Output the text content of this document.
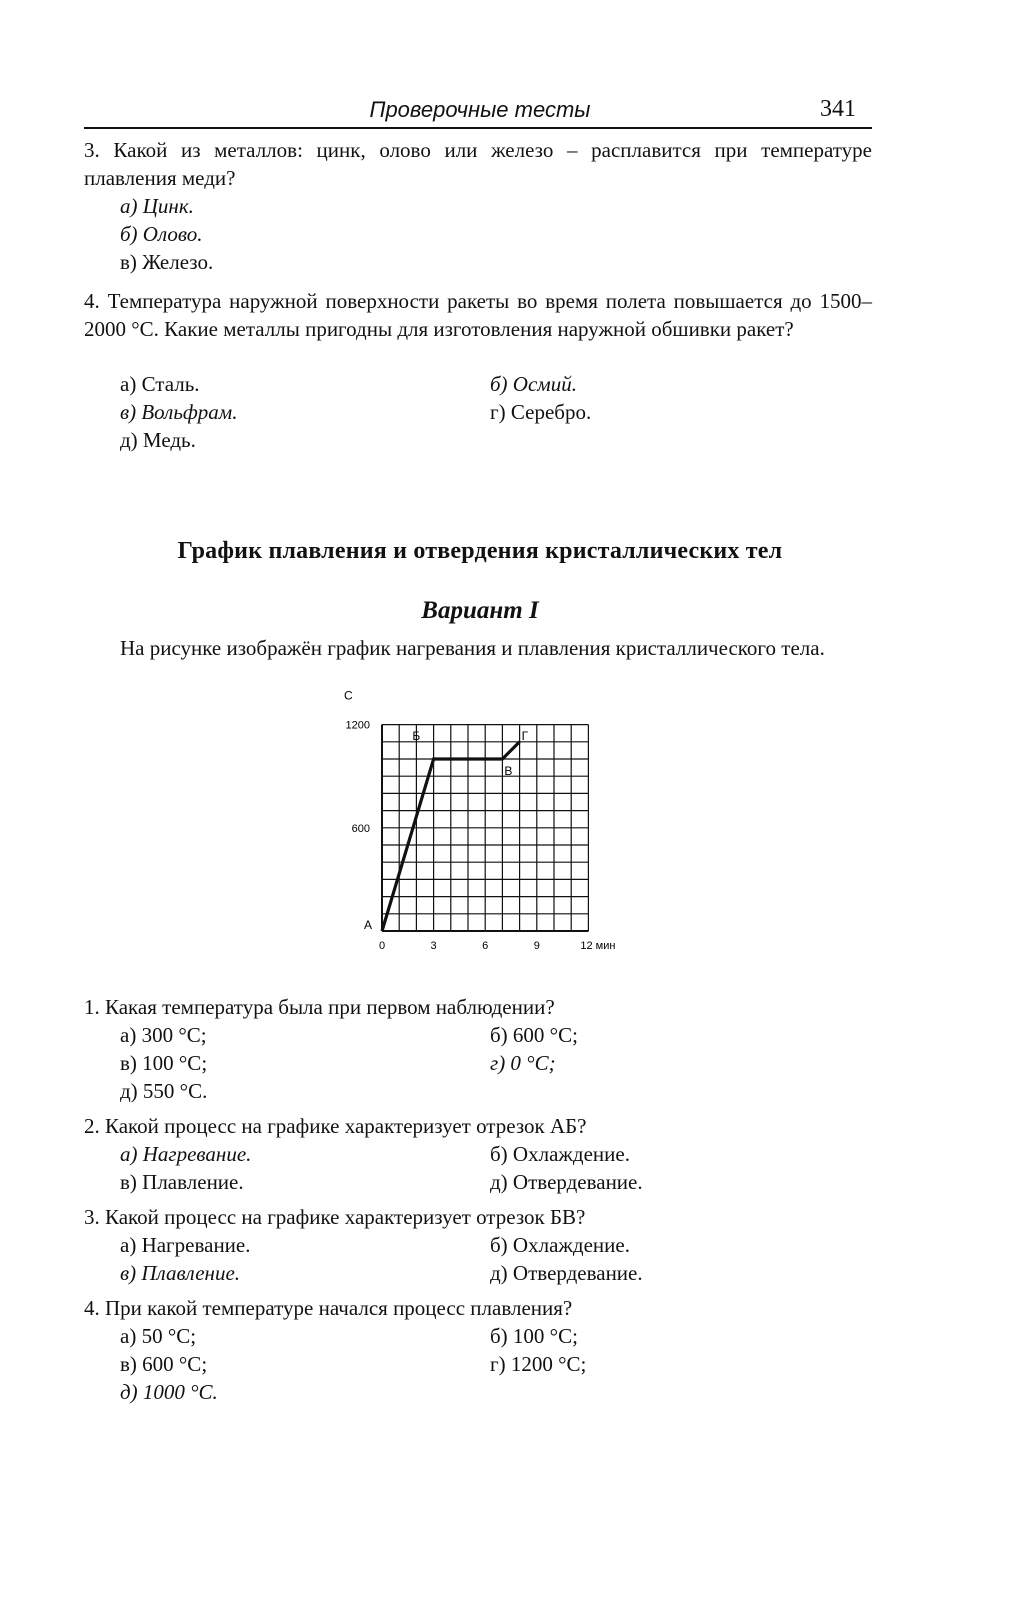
Проверочные тесты	341
3. Какой из металлов: цинк, олово или железо – расплавится при температуре плавления меди?
а) Цинк.
б) Олово.
в) Железо.
4. Температура наружной поверхности ракеты во время полета повышается до 1500–2000 °С. Какие металлы пригодны для изготовления наружной обшивки ракет?
а) Сталь.	б) Осмий.
в) Вольфрам.	г) Серебро.
д) Медь.
График плавления и отвердения кристаллических тел
Вариант I
На рисунке изображён график нагревания и плавления кристаллического тела.
С
1200
600
0	3	6	9	12 мин
А
Б
В
Г
1. Какая температура была при первом наблюдении?
а) 300 °С;	б) 600 °С;
в) 100 °С;	г) 0 °С;
д) 550 °С.
2. Какой процесс на графике характеризует отрезок АБ?
а) Нагревание.	б) Охлаждение.
в) Плавление.	д) Отвердевание.
3. Какой процесс на графике характеризует отрезок БВ?
а) Нагревание.	б) Охлаждение.
в) Плавление.	д) Отвердевание.
4. При какой температуре начался процесс плавления?
а) 50 °С;	б) 100 °С;
в) 600 °С;	г) 1200 °С;
д) 1000 °С.
